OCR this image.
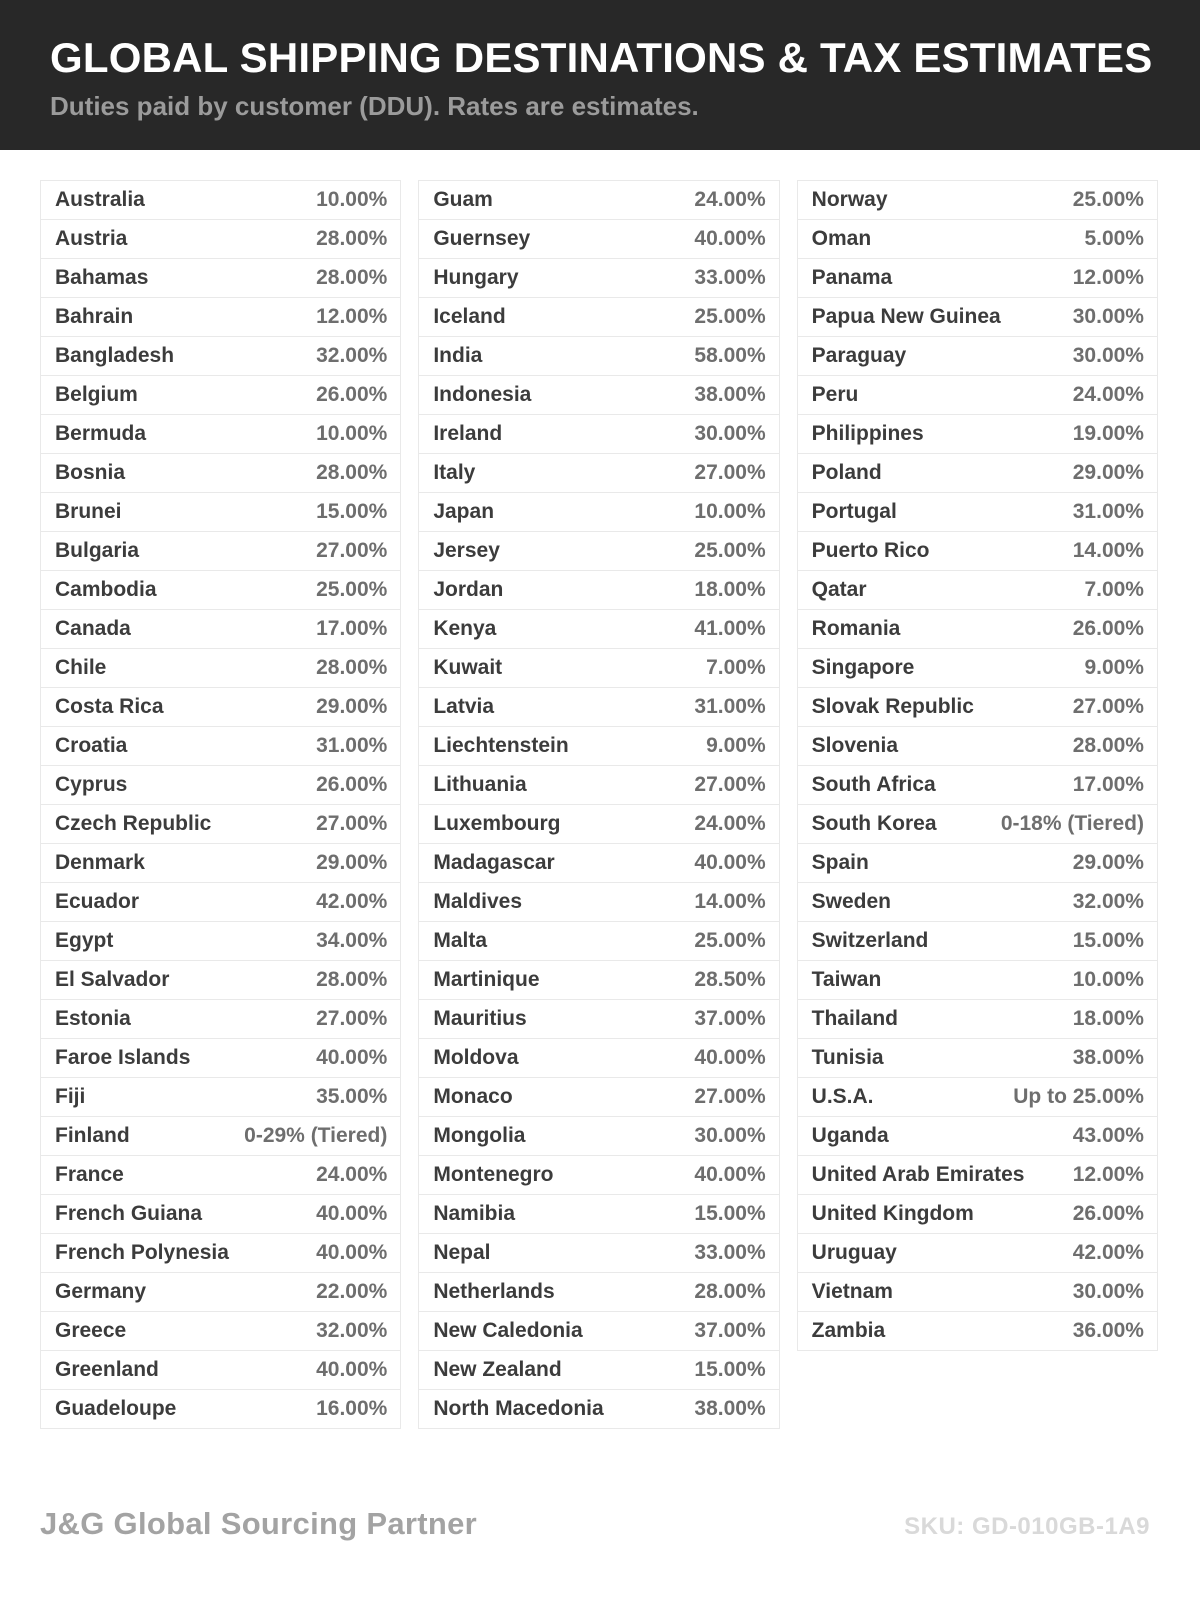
GLOBAL SHIPPING DESTINATIONS & TAX ESTIMATES
Duties paid by customer (DDU). Rates are estimates.
Australia	10.00%
Austria	28.00%
Bahamas	28.00%
Bahrain	12.00%
Bangladesh	32.00%
Belgium	26.00%
Bermuda	10.00%
Bosnia	28.00%
Brunei	15.00%
Bulgaria	27.00%
Cambodia	25.00%
Canada	17.00%
Chile	28.00%
Costa Rica	29.00%
Croatia	31.00%
Cyprus	26.00%
Czech Republic	27.00%
Denmark	29.00%
Ecuador	42.00%
Egypt	34.00%
El Salvador	28.00%
Estonia	27.00%
Faroe Islands	40.00%
Fiji	35.00%
Finland	0-29% (Tiered)
France	24.00%
French Guiana	40.00%
French Polynesia	40.00%
Germany	22.00%
Greece	32.00%
Greenland	40.00%
Guadeloupe	16.00%
Guam	24.00%
Guernsey	40.00%
Hungary	33.00%
Iceland	25.00%
India	58.00%
Indonesia	38.00%
Ireland	30.00%
Italy	27.00%
Japan	10.00%
Jersey	25.00%
Jordan	18.00%
Kenya	41.00%
Kuwait	7.00%
Latvia	31.00%
Liechtenstein	9.00%
Lithuania	27.00%
Luxembourg	24.00%
Madagascar	40.00%
Maldives	14.00%
Malta	25.00%
Martinique	28.50%
Mauritius	37.00%
Moldova	40.00%
Monaco	27.00%
Mongolia	30.00%
Montenegro	40.00%
Namibia	15.00%
Nepal	33.00%
Netherlands	28.00%
New Caledonia	37.00%
New Zealand	15.00%
North Macedonia	38.00%
Norway	25.00%
Oman	5.00%
Panama	12.00%
Papua New Guinea	30.00%
Paraguay	30.00%
Peru	24.00%
Philippines	19.00%
Poland	29.00%
Portugal	31.00%
Puerto Rico	14.00%
Qatar	7.00%
Romania	26.00%
Singapore	9.00%
Slovak Republic	27.00%
Slovenia	28.00%
South Africa	17.00%
South Korea	0-18% (Tiered)
Spain	29.00%
Sweden	32.00%
Switzerland	15.00%
Taiwan	10.00%
Thailand	18.00%
Tunisia	38.00%
U.S.A.	Up to 25.00%
Uganda	43.00%
United Arab Emirates 12.00%
United Kingdom	26.00%
Uruguay	42.00%
Vietnam	30.00%
Zambia	36.00%
J&G Global Sourcing Partner	SKU: GD-010GB-1A9
